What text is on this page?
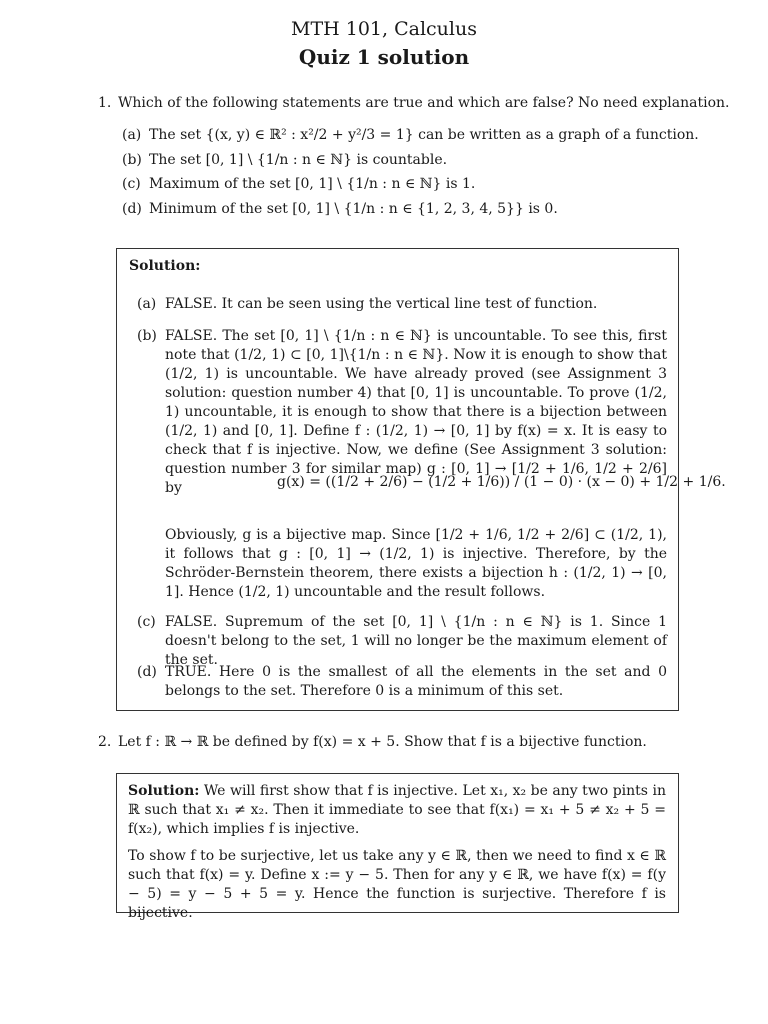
MTH 101, Calculus
Quiz 1 solution
1. Which of the following statements are true and which are false? No need explanation.
(a) The set {(x, y) ∈ ℝ² : x²/2 + y²/3 = 1} can be written as a graph of a function.
(b) The set [0, 1] \ {1/n : n ∈ ℕ} is countable.
(c) Maximum of the set [0, 1] \ {1/n : n ∈ ℕ} is 1.
(d) Minimum of the set [0, 1] \ {1/n : n ∈ {1, 2, 3, 4, 5}} is 0.
Solution:
(a) FALSE. It can be seen using the vertical line test of function.

(b) FALSE. The set [0, 1] \ {1/n : n ∈ ℕ} is uncountable. To see this, first note that (1/2, 1) ⊂ [0, 1]\{1/n : n ∈ ℕ}. Now it is enough to show that (1/2, 1) is uncountable. We have already proved (see Assignment 3 solution: question number 4) that [0, 1] is uncountable. To prove (1/2, 1) uncountable, it is enough to show that there is a bijection between (1/2, 1) and [0, 1]. Define f : (1/2, 1) → [0, 1] by f(x) = x. It is easy to check that f is injective. Now, we define (See Assignment 3 solution: question number 3 for similar map) g : [0, 1] → [1/2 + 1/6, 1/2 + 2/6] by	g(x) = ((1/2 + 2/6) − (1/2 + 1/6)) / (1 − 0) · (x − 0) + 1/2 + 1/6.

Obviously, g is a bijective map. Since [1/2 + 1/6, 1/2 + 2/6] ⊂ (1/2, 1), it follows that g : [0, 1] → (1/2, 1) is injective. Therefore, by the Schröder-Bernstein theorem, there exists a bijection h : (1/2, 1) → [0, 1]. Hence (1/2, 1) uncountable and the result follows.

(c) FALSE. Supremum of the set [0, 1] \ {1/n : n ∈ ℕ} is 1. Since 1 doesn't belong to the set, 1 will no longer be the maximum element of the set.

(d) TRUE. Here 0 is the smallest of all the elements in the set and 0 belongs to the set. Therefore 0 is a minimum of this set.

2. Let f : ℝ → ℝ be defined by f(x) = x + 5. Show that f is a bijective function.
Solution: We will first show that f is injective. Let x₁, x₂ be any two pints in ℝ such that x₁ ≠ x₂. Then it immediate to see that f(x₁) = x₁ + 5 ≠ x₂ + 5 = f(x₂), which implies f is injective.
To show f to be surjective, let us take any y ∈ ℝ, then we need to find x ∈ ℝ such that f(x) = y. Define x := y − 5. Then for any y ∈ ℝ, we have f(x) = f(y − 5) = y − 5 + 5 = y. Hence the function is surjective. Therefore f is bijective.
